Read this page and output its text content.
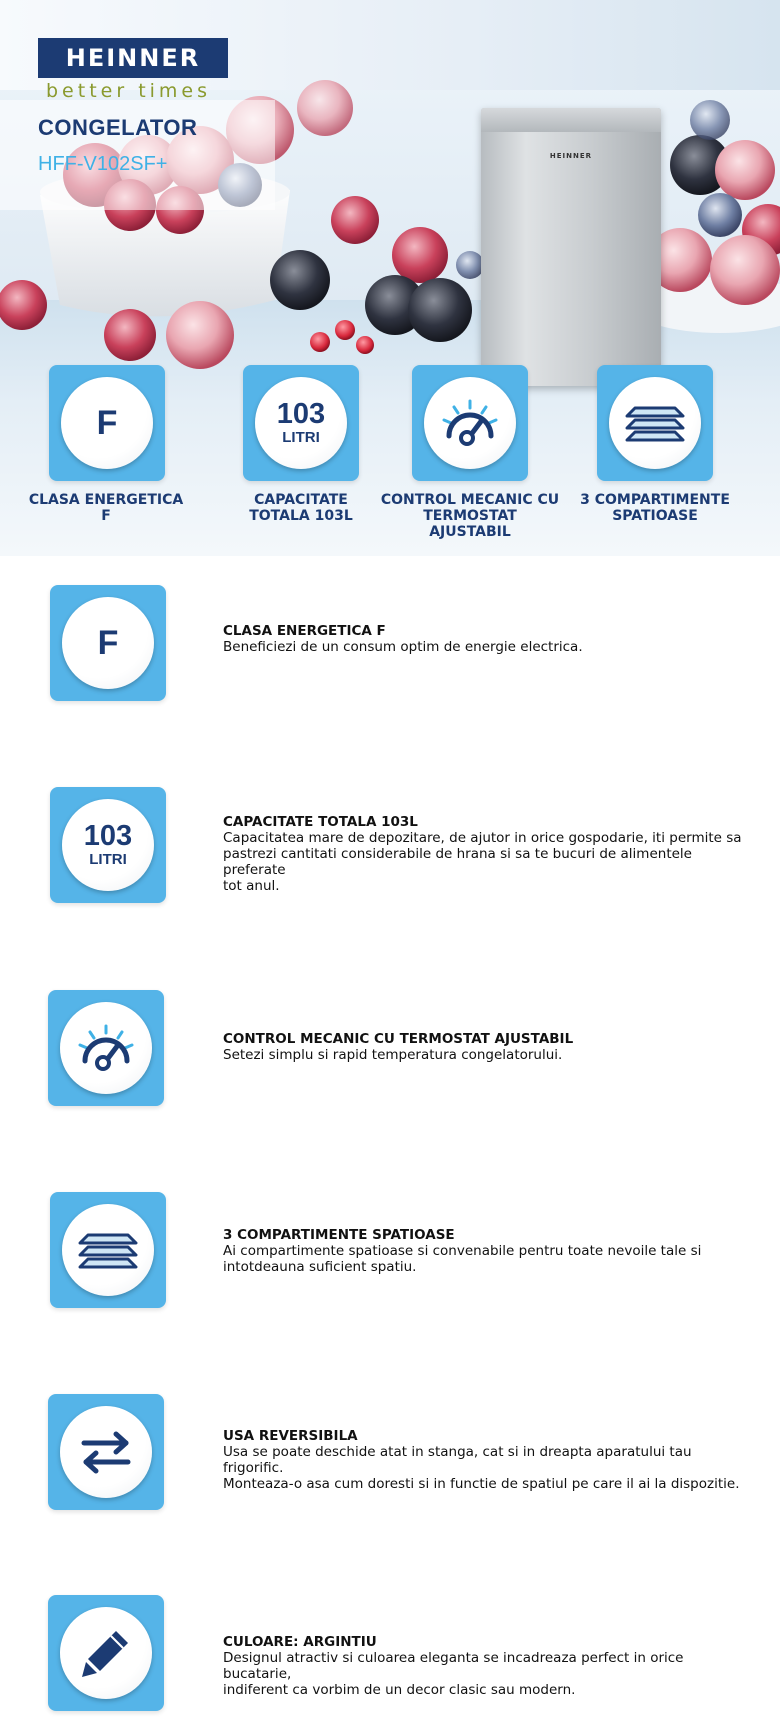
HEINNER
HEINNER
better times
CONGELATOR
HFF-V102SF+
F
CLASA ENERGETICA
F
103
LITRI
CAPACITATE
TOTALA 103L
CONTROL MECANIC CU
TERMOSTAT AJUSTABIL
3 COMPARTIMENTE
SPATIOASE
F	CLASA ENERGETICA F
Beneficiezi de un consum optim de energie electrica.
103
LITRI
CAPACITATE TOTALA 103L
Capacitatea mare de depozitare, de ajutor in orice gospodarie, iti permite sa
pastrezi cantitati considerabile de hrana si sa te bucuri de alimentele preferate
tot anul.
CONTROL MECANIC CU TERMOSTAT AJUSTABIL
Setezi simplu si rapid temperatura congelatorului.
3 COMPARTIMENTE SPATIOASE
Ai compartimente spatioase si convenabile pentru toate nevoile tale si
intotdeauna suficient spatiu.
USA REVERSIBILA
Usa se poate deschide atat in stanga, cat si in dreapta aparatului tau frigorific.
Monteaza-o asa cum doresti si in functie de spatiul pe care il ai la dispozitie.
CULOARE: ARGINTIU
Designul atractiv si culoarea eleganta se incadreaza perfect in orice bucatarie,
indiferent ca vorbim de un decor clasic sau modern.
